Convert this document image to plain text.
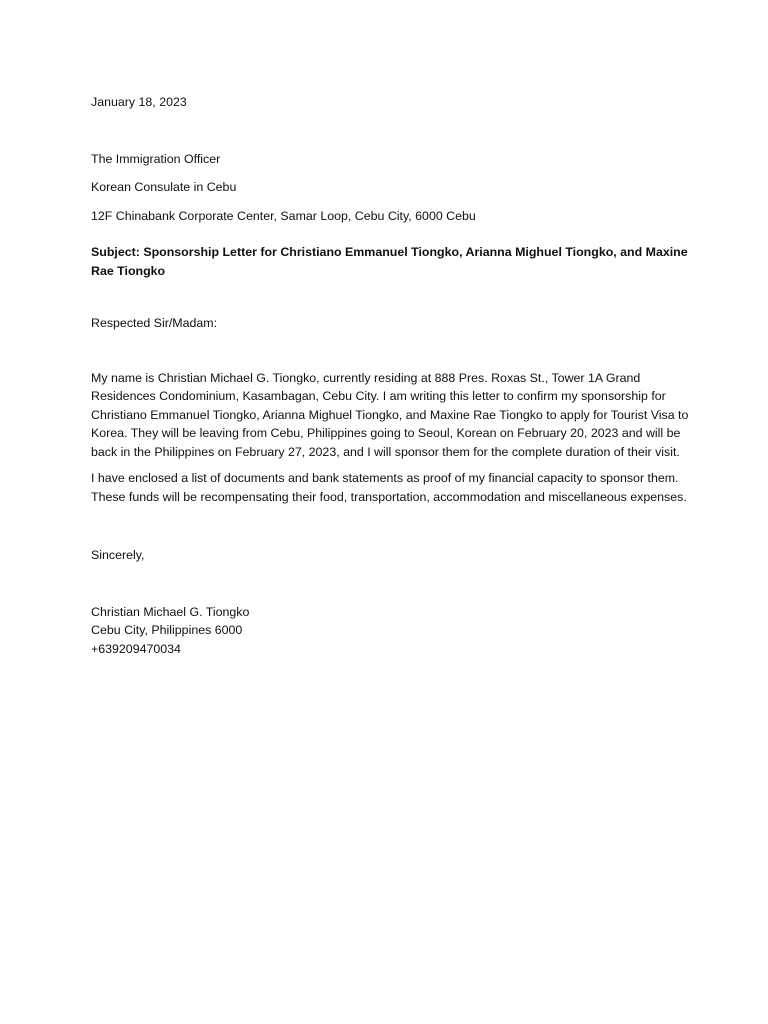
January 18, 2023

The Immigration Officer

Korean Consulate in Cebu

12F Chinabank Corporate Center, Samar Loop, Cebu City, 6000 Cebu

Subject: Sponsorship Letter for Christiano Emmanuel Tiongko, Arianna Mighuel Tiongko, and Maxine Rae Tiongko

Respected Sir/Madam:

My name is Christian Michael G. Tiongko, currently residing at 888 Pres. Roxas St., Tower 1A Grand Residences Condominium, Kasambagan, Cebu City. I am writing this letter to confirm my sponsorship for Christiano Emmanuel Tiongko, Arianna Mighuel Tiongko, and Maxine Rae Tiongko to apply for Tourist Visa to Korea. They will be leaving from Cebu, Philippines going to Seoul, Korean on February 20, 2023 and will be back in the Philippines on February 27, 2023, and I will sponsor them for the complete duration of their visit.

I have enclosed a list of documents and bank statements as proof of my financial capacity to sponsor them. These funds will be recompensating their food, transportation, accommodation and miscellaneous expenses.

Sincerely,

Christian Michael G. Tiongko

Cebu City, Philippines 6000

+639209470034
